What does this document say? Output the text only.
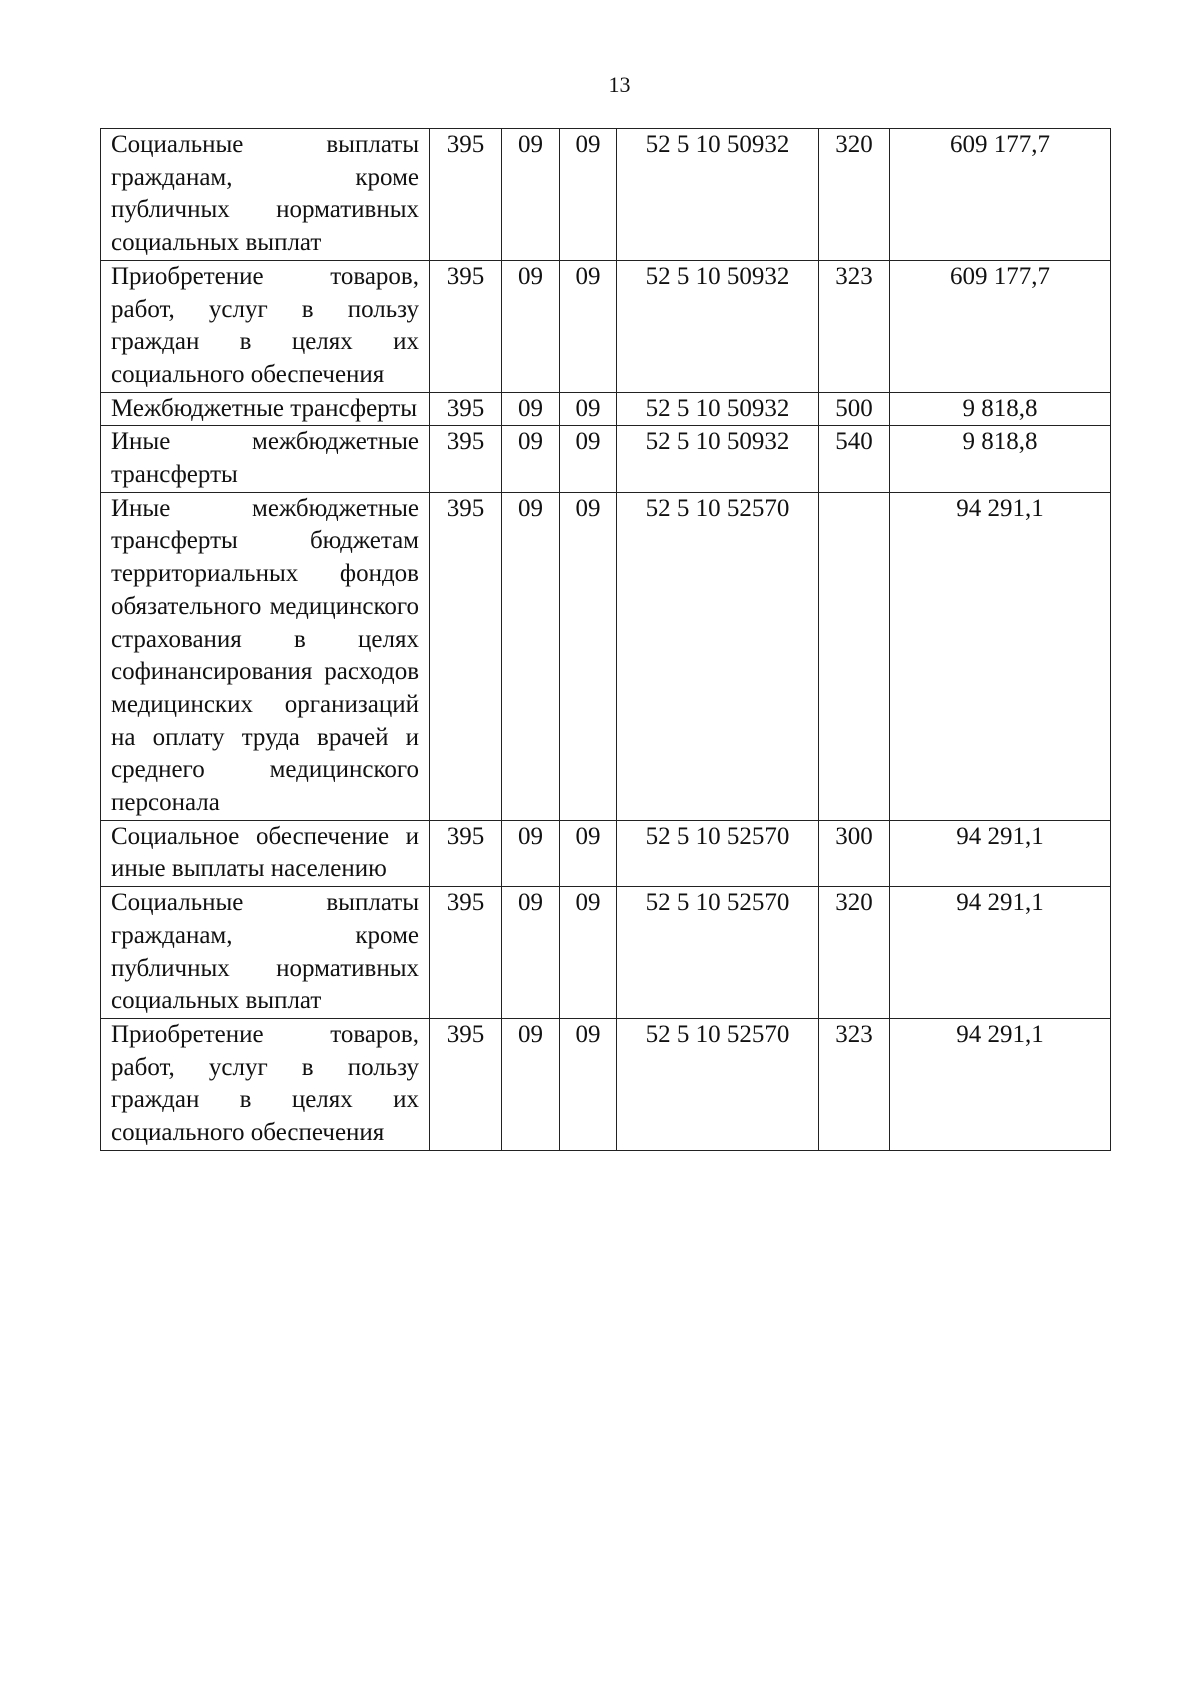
13
Социальные выплаты гражданам, кроме публичных нормативных социальных выплат	395	09	09	52 5 10 50932	320	609 177,7
Приобретение товаров, работ, услуг в пользу граждан в целях их социального обеспечения	395	09	09	52 5 10 50932	323	609 177,7
Межбюджетные трансферты	395	09	09	52 5 10 50932	500	9 818,8
Иные межбюджетные трансферты	395	09	09	52 5 10 50932	540	9 818,8
Иные межбюджетные трансферты бюджетам территориальных фондов обязательного медицинского страхования в целях софинансирования расходов медицинских организаций на оплату труда врачей и среднего медицинского персонала	395	09	09	52 5 10 52570		94 291,1
Социальное обеспечение и иные выплаты населению	395	09	09	52 5 10 52570	300	94 291,1
Социальные выплаты гражданам, кроме публичных нормативных социальных выплат	395	09	09	52 5 10 52570	320	94 291,1
Приобретение товаров, работ, услуг в пользу граждан в целях их социального обеспечения	395	09	09	52 5 10 52570	323	94 291,1
